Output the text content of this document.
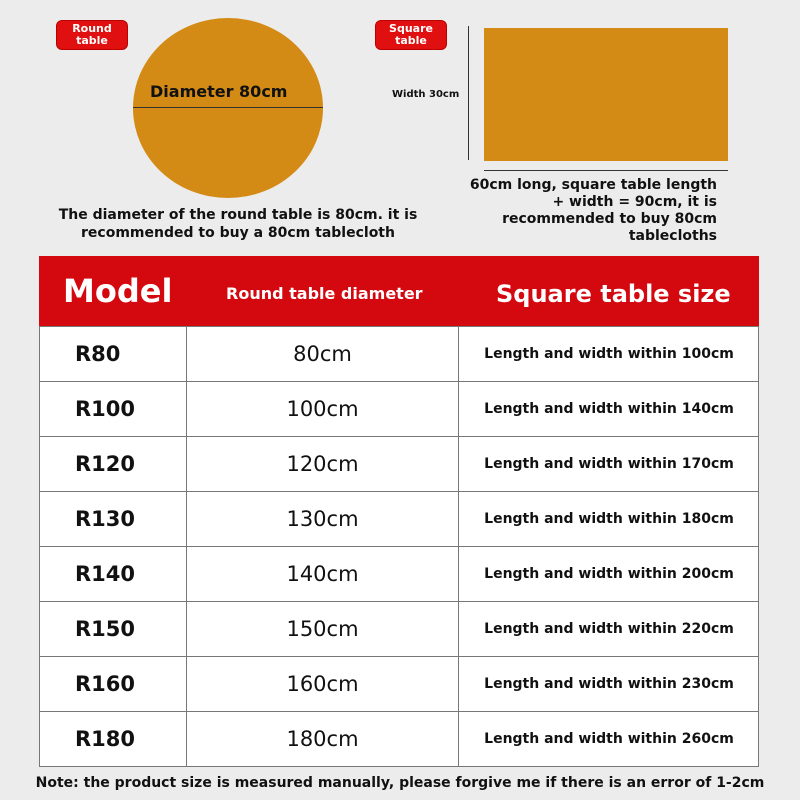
Round
table
Diameter 80cm
The diameter of the round table is 80cm. it is recommended to buy a 80cm tablecloth
Square
table
Width 30cm
60cm long, square table length + width = 90cm, it is recommended to buy 80cm tablecloths
Model	Round table diameter	Square table size
R80	80cm	Length and width within 100cm
R100	100cm	Length and width within 140cm
R120	120cm	Length and width within 170cm
R130	130cm	Length and width within 180cm
R140	140cm	Length and width within 200cm
R150	150cm	Length and width within 220cm
R160	160cm	Length and width within 230cm
R180	180cm	Length and width within 260cm
Note: the product size is measured manually, please forgive me if there is an error of 1-2cm
